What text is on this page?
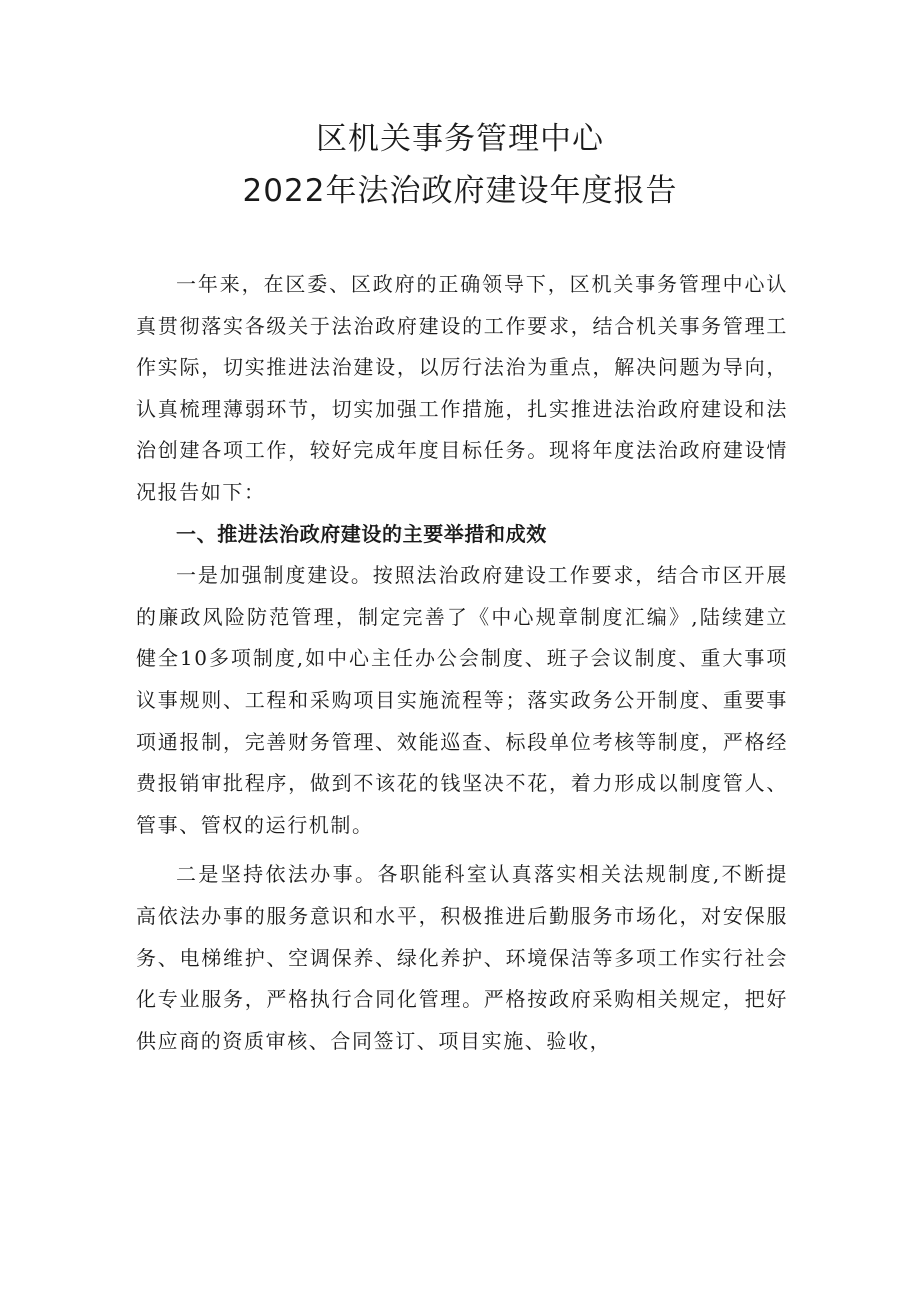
区机关事务管理中心
2022年法治政府建设年度报告

一年来，在区委、区政府的正确领导下，区机关事务管理中心认真贯彻落实各级关于法治政府建设的工作要求，结合机关事务管理工作实际，切实推进法治建设，以厉行法治为重点，解决问题为导向，认真梳理薄弱环节，切实加强工作措施，扎实推进法治政府建设和法治创建各项工作，较好完成年度目标任务。现将年度法治政府建设情况报告如下：

一、推进法治政府建设的主要举措和成效

一是加强制度建设。按照法治政府建设工作要求，结合市区开展的廉政风险防范管理，制定完善了《中心规章制度汇编》,陆续建立健全10多项制度,如中心主任办公会制度、班子会议制度、重大事项议事规则、工程和采购项目实施流程等；落实政务公开制度、重要事项通报制，完善财务管理、效能巡查、标段单位考核等制度，严格经费报销审批程序，做到不该花的钱坚决不花，着力形成以制度管人、管事、管权的运行机制。

二是坚持依法办事。各职能科室认真落实相关法规制度,不断提高依法办事的服务意识和水平，积极推进后勤服务市场化，对安保服务、电梯维护、空调保养、绿化养护、环境保洁等多项工作实行社会化专业服务，严格执行合同化管理。严格按政府采购相关规定，把好供应商的资质审核、合同签订、项目实施、验收，
